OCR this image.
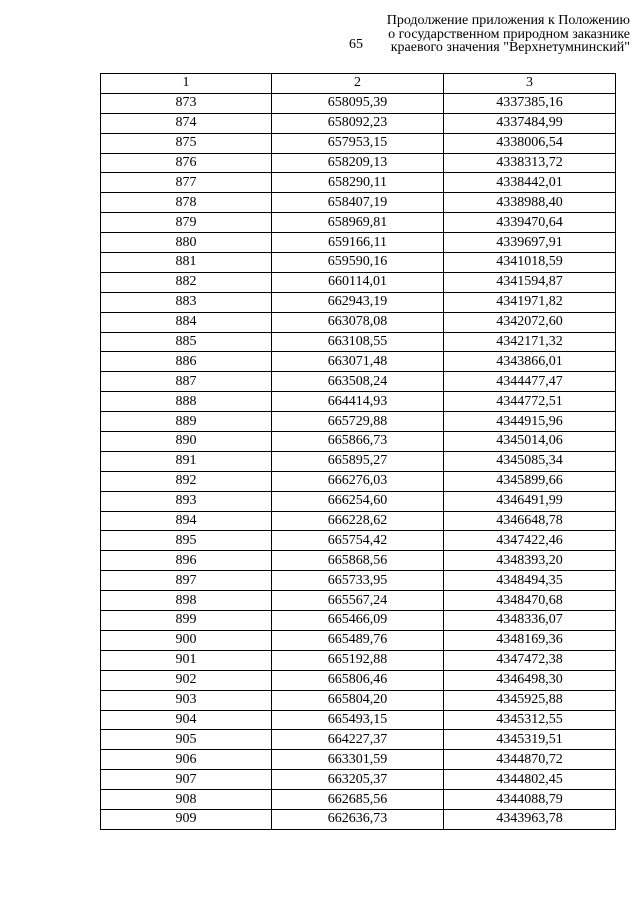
65
Продолжение приложения к Положению
о государственном природном заказнике
краевого значения "Верхнетумнинский"
1	2	3
873	658095,39	4337385,16
874	658092,23	4337484,99
875	657953,15	4338006,54
876	658209,13	4338313,72
877	658290,11	4338442,01
878	658407,19	4338988,40
879	658969,81	4339470,64
880	659166,11	4339697,91
881	659590,16	4341018,59
882	660114,01	4341594,87
883	662943,19	4341971,82
884	663078,08	4342072,60
885	663108,55	4342171,32
886	663071,48	4343866,01
887	663508,24	4344477,47
888	664414,93	4344772,51
889	665729,88	4344915,96
890	665866,73	4345014,06
891	665895,27	4345085,34
892	666276,03	4345899,66
893	666254,60	4346491,99
894	666228,62	4346648,78
895	665754,42	4347422,46
896	665868,56	4348393,20
897	665733,95	4348494,35
898	665567,24	4348470,68
899	665466,09	4348336,07
900	665489,76	4348169,36
901	665192,88	4347472,38
902	665806,46	4346498,30
903	665804,20	4345925,88
904	665493,15	4345312,55
905	664227,37	4345319,51
906	663301,59	4344870,72
907	663205,37	4344802,45
908	662685,56	4344088,79
909	662636,73	4343963,78
